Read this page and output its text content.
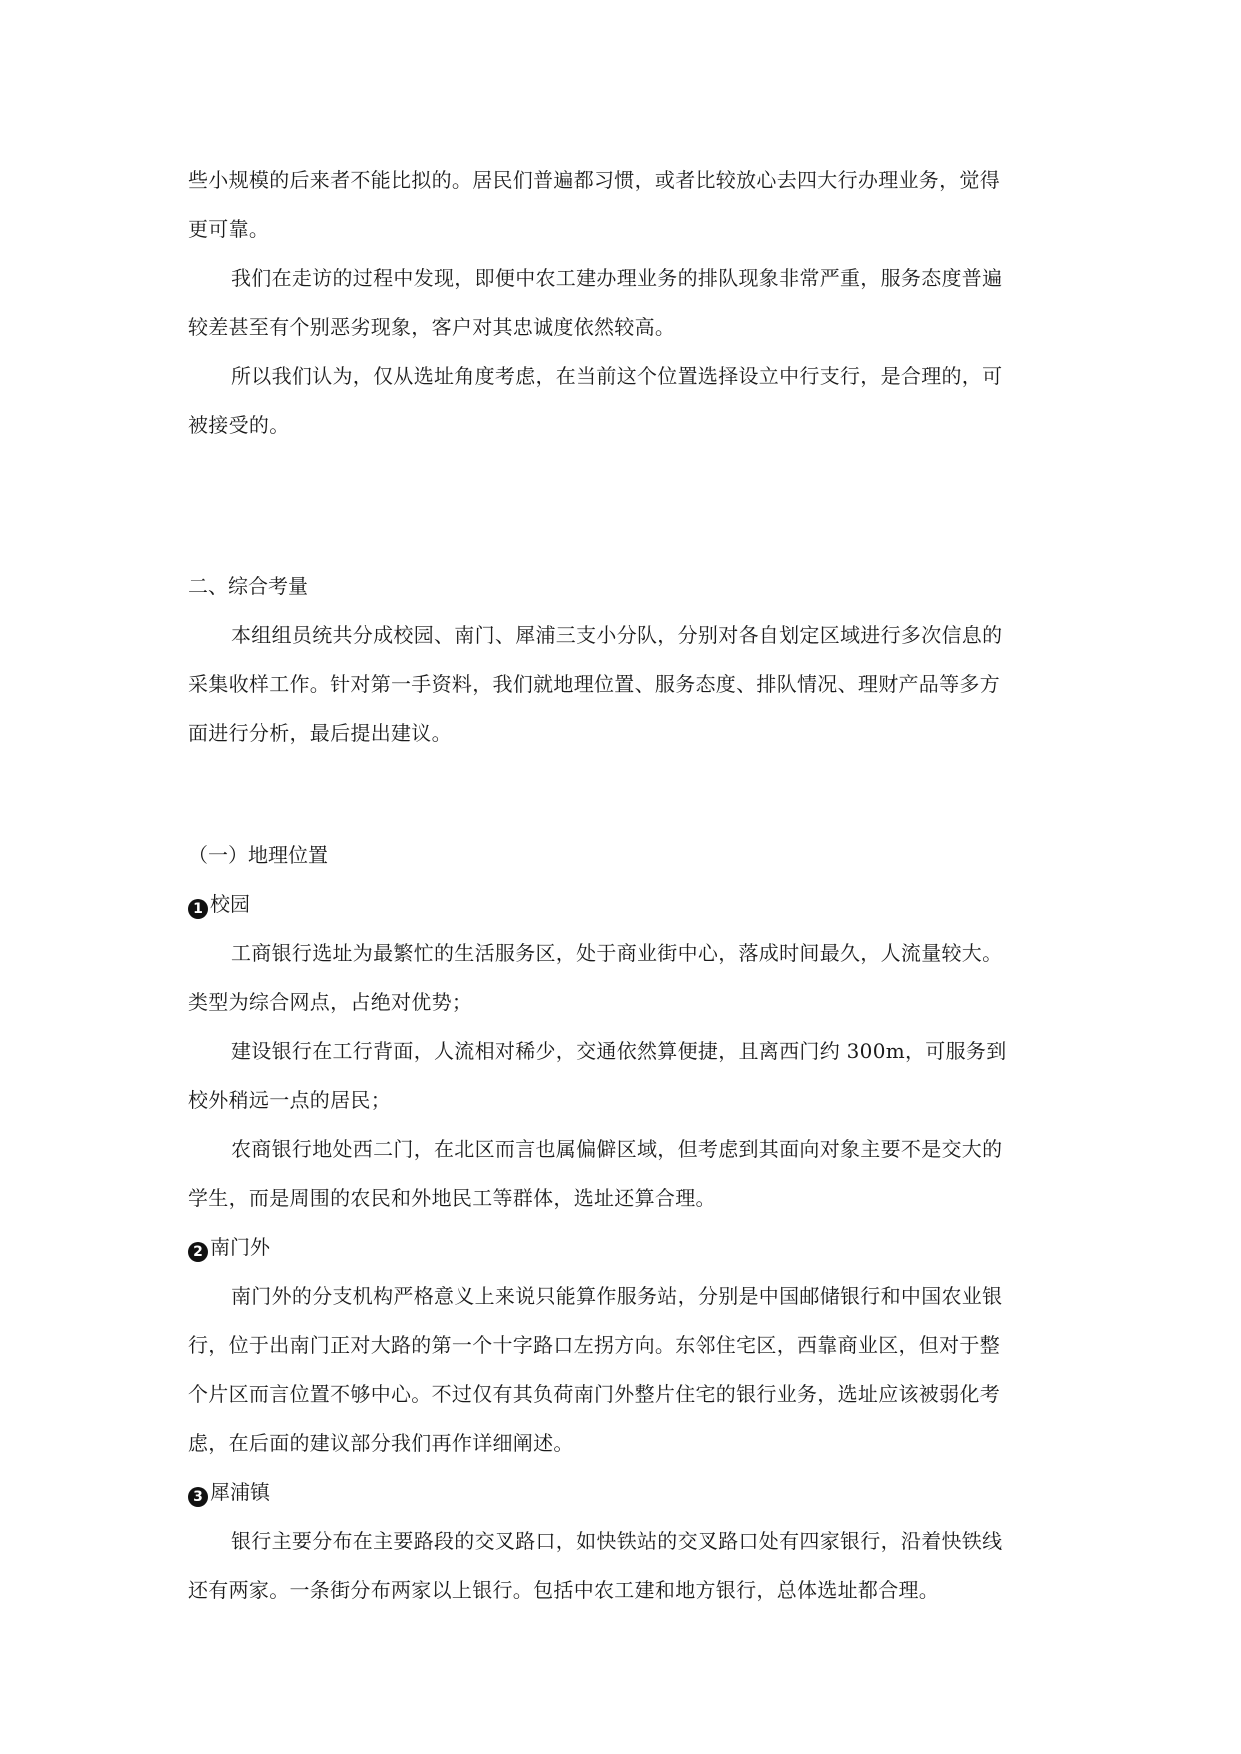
些小规模的后来者不能比拟的。居民们普遍都习惯，或者比较放心去四大行办理业务，觉得
更可靠。
我们在走访的过程中发现，即便中农工建办理业务的排队现象非常严重，服务态度普遍
较差甚至有个别恶劣现象，客户对其忠诚度依然较高。
所以我们认为，仅从选址角度考虑，在当前这个位置选择设立中行支行，是合理的，可
被接受的。
二、综合考量
本组组员统共分成校园、南门、犀浦三支小分队，分别对各自划定区域进行多次信息的
采集收样工作。针对第一手资料，我们就地理位置、服务态度、排队情况、理财产品等多方
面进行分析，最后提出建议。
（一）地理位置
1 校园
工商银行选址为最繁忙的生活服务区，处于商业街中心，落成时间最久，人流量较大。
类型为综合网点，占绝对优势；
建设银行在工行背面，人流相对稀少，交通依然算便捷，且离西门约 300m，可服务到
校外稍远一点的居民；
农商银行地处西二门，在北区而言也属偏僻区域，但考虑到其面向对象主要不是交大的
学生，而是周围的农民和外地民工等群体，选址还算合理。
2 南门外
南门外的分支机构严格意义上来说只能算作服务站，分别是中国邮储银行和中国农业银
行，位于出南门正对大路的第一个十字路口左拐方向。东邻住宅区，西靠商业区，但对于整
个片区而言位置不够中心。不过仅有其负荷南门外整片住宅的银行业务，选址应该被弱化考
虑，在后面的建议部分我们再作详细阐述。
3 犀浦镇
银行主要分布在主要路段的交叉路口，如快铁站的交叉路口处有四家银行，沿着快铁线
还有两家。一条街分布两家以上银行。包括中农工建和地方银行，总体选址都合理。
